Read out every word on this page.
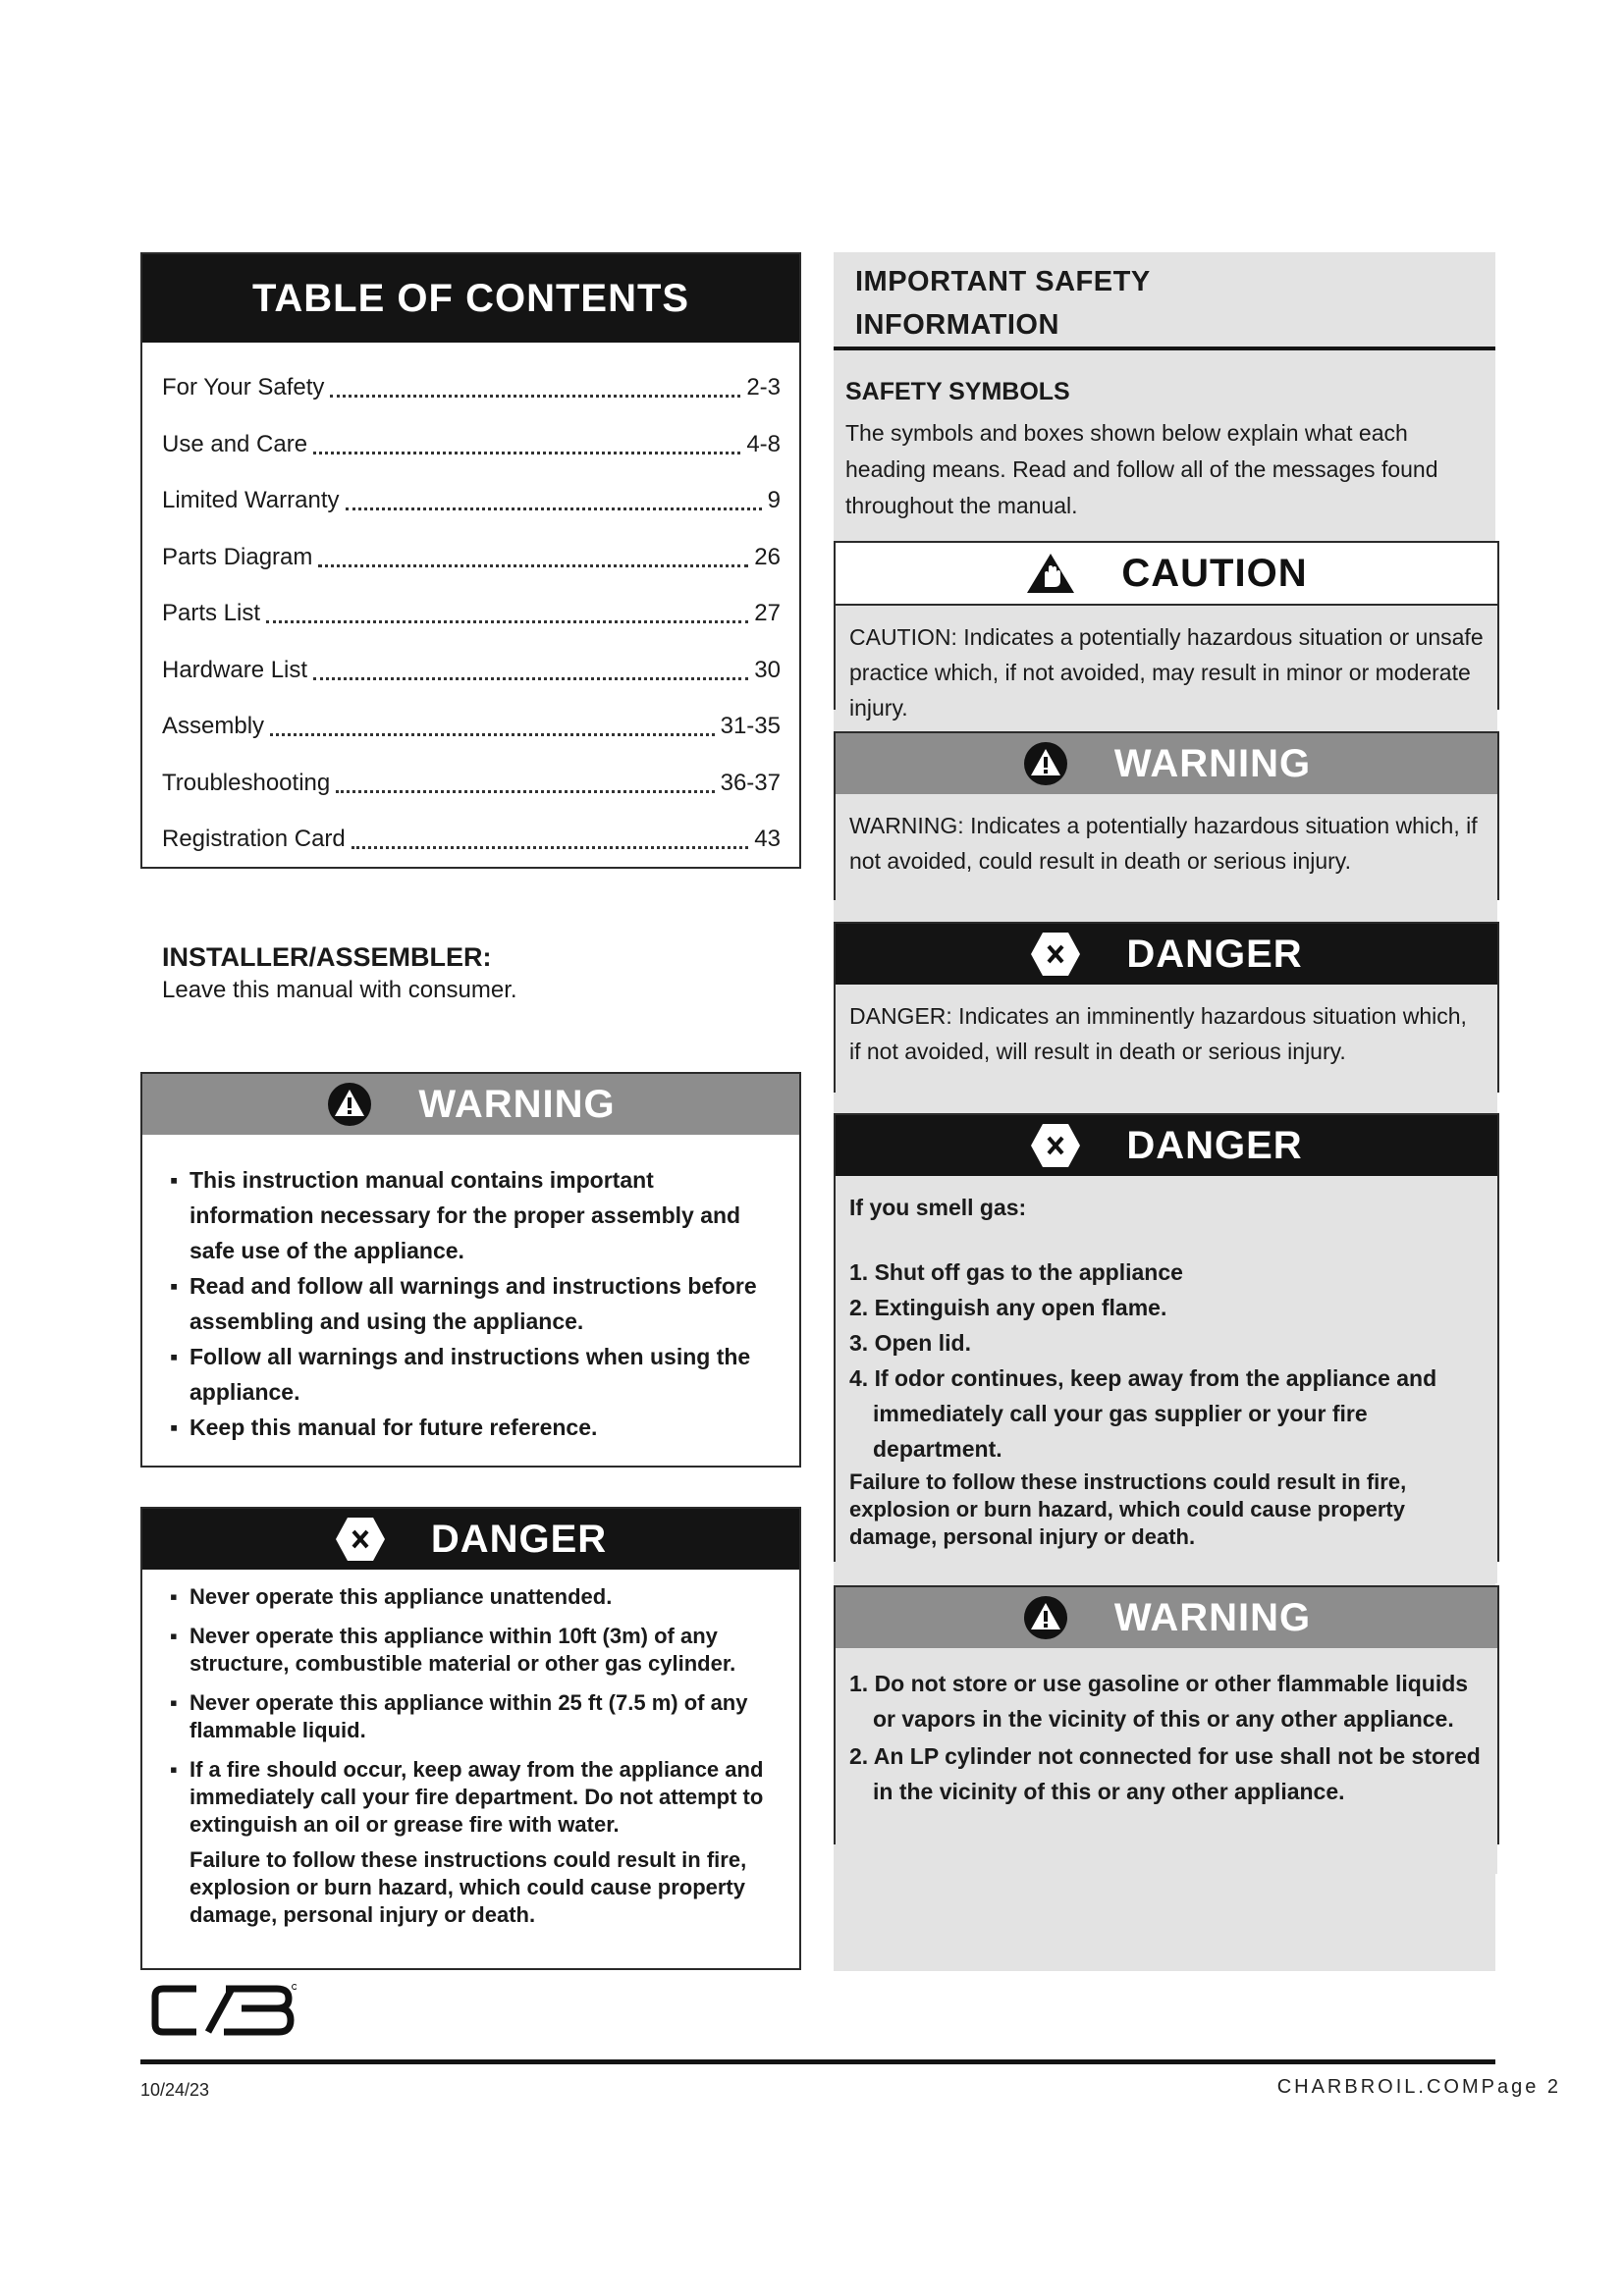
TABLE OF CONTENTS
For Your Safety	2-3
Use and Care	4-8
Limited Warranty	9
Parts Diagram	26
Parts List	27
Hardware List	30
Assembly	31-35
Troubleshooting	36-37
Registration Card	43
INSTALLER/ASSEMBLER:
Leave this manual with consumer.
WARNING
▪ This instruction manual contains important information necessary for the proper assembly and safe use of the appliance.
▪ Read and follow all warnings and instructions before assembling and using the appliance.
▪ Follow all warnings and instructions when using the appliance.
▪ Keep this manual for future reference.
DANGER
▪ Never operate this appliance unattended.
▪ Never operate this appliance within 10ft (3m) of any structure, combustible material or other gas cylinder.
▪ Never operate this appliance within 25 ft (7.5 m) of any flammable liquid.
▪ If a fire should occur, keep away from the appliance and immediately call your fire department. Do not attempt to extinguish an oil or grease fire with water.
Failure to follow these instructions could result in fire, explosion or burn hazard, which could cause property damage, personal injury or death.
IMPORTANT SAFETY
INFORMATION
SAFETY SYMBOLS
The symbols and boxes shown below explain what each heading means. Read and follow all of the messages found throughout the manual.
CAUTION
CAUTION: Indicates a potentially hazardous situation or unsafe practice which, if not avoided, may result in minor or moderate injury.
WARNING
WARNING: Indicates a potentially hazardous situation which, if not avoided, could result in death or serious injury.
DANGER
DANGER: Indicates an imminently hazardous situation which, if not avoided, will result in death or serious injury.
DANGER
If you smell gas:
1. Shut off gas to the appliance
2. Extinguish any open flame.
3. Open lid.
4. If odor continues, keep away from the appliance and immediately call your gas supplier or your fire department.
Failure to follow these instructions could result in fire, explosion or burn hazard, which could cause property damage, personal injury or death.
WARNING
1. Do not store or use gasoline or other flammable liquids or vapors in the vicinity of this or any other appliance.
2. An LP cylinder not connected for use shall not be stored in the vicinity of this or any other appliance.
10/24/23	CHARBROIL.COMPage 2
